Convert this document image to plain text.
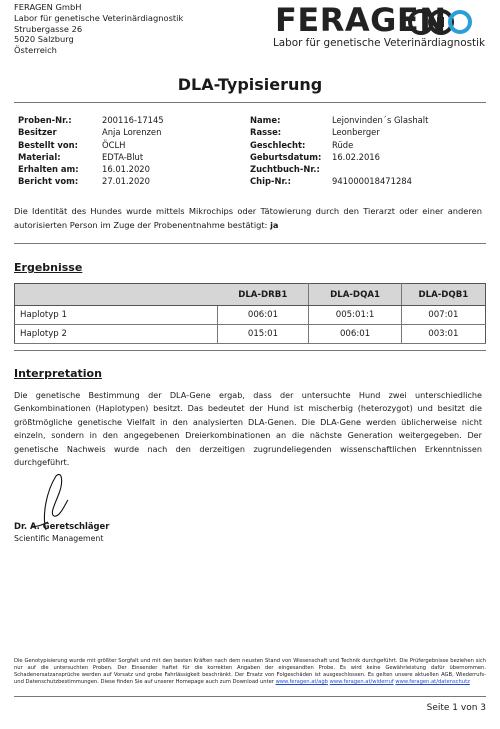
FERAGEN GmbH
Labor für genetische Veterinärdiagnostik
Strubergasse 26
5020 Salzburg
Österreich
FERAGEN
Labor für genetische Veterinärdiagnostik
DLA-Typisierung
Proben-Nr.:	200116-17145
Besitzer	Anja Lorenzen
Bestellt von:	ÖCLH
Material:	EDTA-Blut
Erhalten am:	16.01.2020
Bericht vom:	27.01.2020
Name:	Lejonvinden´s Glashalt
Rasse:	Leonberger
Geschlecht:	Rüde
Geburtsdatum:	16.02.2016
Zuchtbuch-Nr.:
Chip-Nr.:	941000018471284
Die Identität des Hundes wurde mittels Mikrochips oder Tätowierung durch den Tierarzt oder einer anderen autorisierten Person im Zuge der Probenentnahme bestätigt: ja
Ergebnisse
	DLA-DRB1	DLA-DQA1	DLA-DQB1
Haplotyp 1	006:01	005:01:1	007:01
Haplotyp 2	015:01	006:01	003:01
Interpretation
Die genetische Bestimmung der DLA-Gene ergab, dass der untersuchte Hund zwei unterschiedliche Genkombinationen (Haplotypen) besitzt. Das bedeutet der Hund ist mischerbig (heterozygot) und besitzt die größtmögliche genetische Vielfalt in den analysierten DLA-Genen. Die DLA-Gene werden üblicherweise nicht einzeln, sondern in den angegebenen Dreierkombinationen an die nächste Generation weitergegeben. Der genetische Nachweis wurde nach den derzeitigen zugrundeliegenden wissenschaftlichen Erkenntnissen durchgeführt.
Dr. A. Geretschläger
Scientific Management
Die Genotypisierung wurde mit größter Sorgfalt und mit den besten Kräften nach dem neusten Stand von Wissenschaft und Technik durchgeführt. Die Prüfergebnisse beziehen sich nur auf die untersuchten Proben. Der Einsender haftet für die korrekten Angaben der eingesandten Probe. Es wird keine Gewährleistung dafür übernommen. Schadenersatzansprüche werden auf Vorsatz und grobe Fahrlässigkeit beschränkt. Der Ersatz von Folgeschäden ist ausgeschlossen. Es gelten unsere aktuellen AGB, Wiederrufs- und Datenschutzbestimmungen. Diese finden Sie auf unserer Homepage auch zum Download unter www.feragen.at/agb www.feragen.at/widerruf www.feragen.at/datenschutz
Seite 1 von 3
